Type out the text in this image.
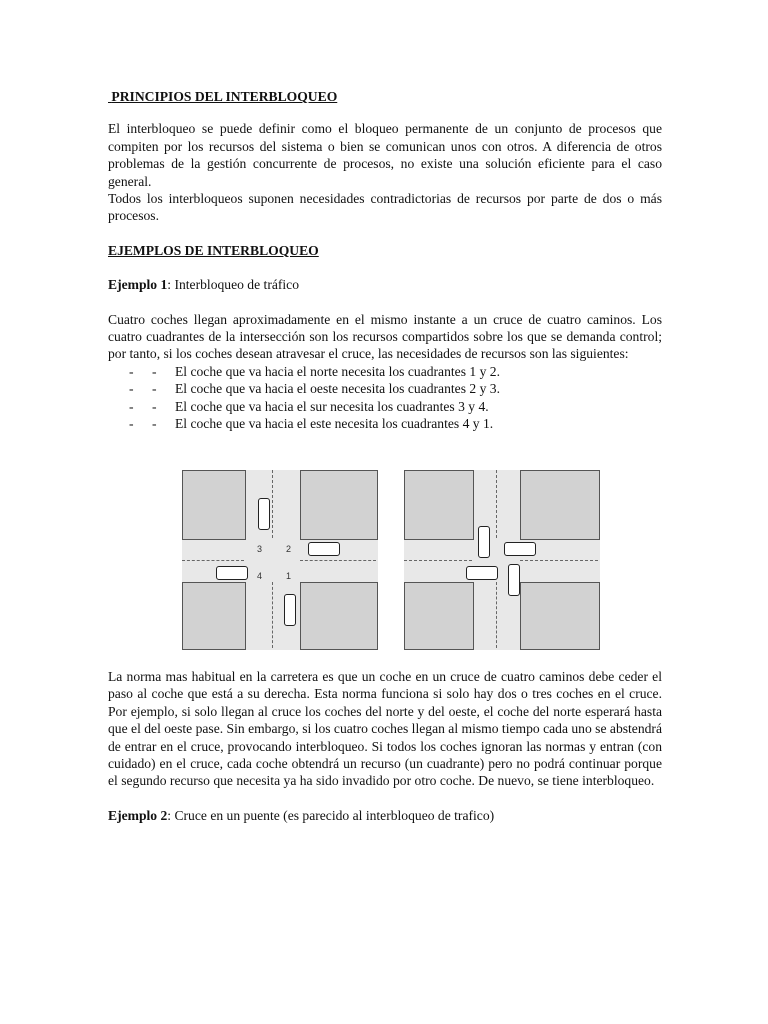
PRINCIPIOS DEL INTERBLOQUEO

El interbloqueo se puede definir como el bloqueo permanente de un conjunto de procesos que compiten por los recursos del sistema o bien se comunican unos con otros. A diferencia de otros problemas de la gestión concurrente de procesos, no existe una solución eficiente para el caso general.

Todos los interbloqueos suponen necesidades contradictorias de recursos por parte de dos o más procesos.

EJEMPLOS DE INTERBLOQUEO
Ejemplo 1: Interbloqueo de tráfico

Cuatro coches llegan aproximadamente en el mismo instante a un cruce de cuatro caminos. Los cuatro cuadrantes de la intersección son los recursos compartidos sobre los que se demanda control; por tanto, si los coches desean atravesar el cruce, las necesidades de recursos son las siguientes:

- - El coche que va hacia el norte necesita los cuadrantes 1 y 2.
- - El coche que va hacia el oeste necesita los cuadrantes 2 y 3.
- - El coche que va hacia el sur necesita los cuadrantes 3 y 4.
- - El coche que va hacia el este necesita los cuadrantes 4 y 1.
3	2
4	1

La norma mas habitual en la carretera es que un coche en un cruce de cuatro caminos debe ceder el paso al coche que está a su derecha. Esta norma funciona si solo hay dos o tres coches en el cruce. Por ejemplo, si solo llegan al cruce los coches del norte y del oeste, el coche del norte esperará hasta que el del oeste pase. Sin embargo, si los cuatro coches llegan al mismo tiempo cada uno se abstendrá de entrar en el cruce, provocando interbloqueo. Si todos los coches ignoran las normas y entran (con cuidado) en el cruce, cada coche obtendrá un recurso (un cuadrante) pero no podrá continuar porque el segundo recurso que necesita ya ha sido invadido por otro coche. De nuevo, se tiene interbloqueo.

Ejemplo 2: Cruce en un puente (es parecido al interbloqueo de trafico)
